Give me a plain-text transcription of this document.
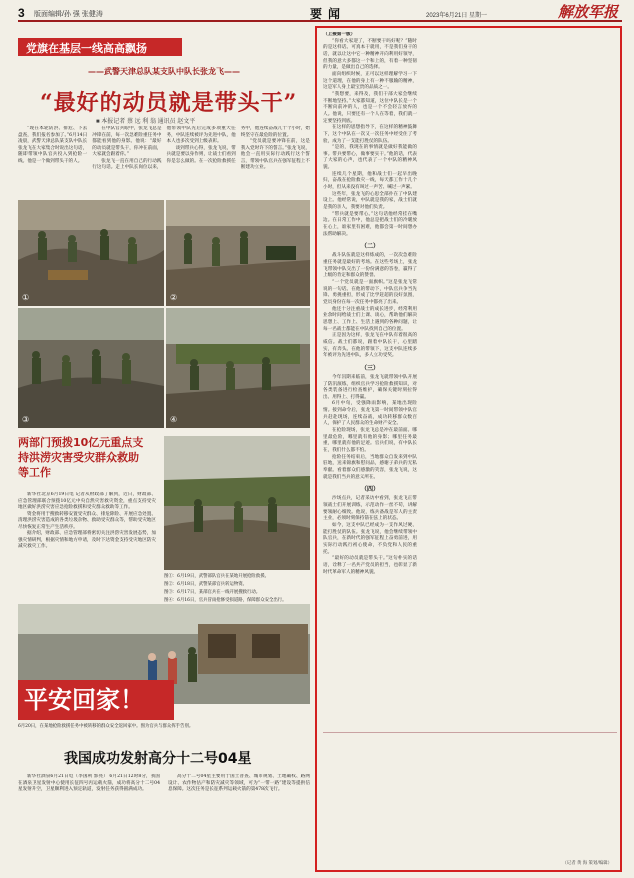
3 版面编辑/孙 强 张健涛	要闻	2023年6月21日 星期一	解放军报
党旗在基层一线高高飘扬
——武警天津总队某支队中队长张龙飞——
“最好的动员就是带头干”
■ 本报记者 蔡 远 利 翁 通讯员 赵文平

“现在本轮防洪、排危、下去盘查，我们报名参加了。”6月14日凌晨，武警天津总队某支队中队长张龙飞在大家集合时说出这句话，随即带领中队官兵投入到抢险一线。他是一个做到带头干的人。

在中队官兵眼中，张龙飞总是冲锋在前，每一次急难险重任务中都能看到他的身影。他说：“最好的动员就是带头干，你冲在前面，大家就会跟着你。”

张龙飞一直在用自己的行动践行这句话。走上中队长岗位以来，他带领中队先后完成多项重大任务，中队连续被评为先进中队，他本人也多次受到上级表彰。

谈到带兵心得，张龙飞说，带兵就是要以身作则，让战士们看到你是怎么做的。在一次抢险救援任务中，他连续奋战几十个小时，始终坚守在最危险的位置。

“党员就是要冲锋在前，这是我入党时许下的誓言。”张龙飞说，他会一直用实际行动践行这个誓言，带领中队官兵在强军征程上不断建功立业。

①	②
③	④
两部门预拨10亿元重点支持洪涝灾害受灾群众救助等工作

新华社北京6月19日电 记者从财政部了解到，近日，财政部、应急管理部联合预拨10亿元中央自然灾害救灾资金，重点支持受灾地区做好洪涝灾害应急抢险救援和受灾群众救助等工作。

资金将用于搜救转移安置受灾群众、排危除险、开展应急处置、清理洪涝灾害造成的各类垃圾杂物、救助受灾群众等，帮助受灾地区尽快恢复正常生产生活秩序。

据介绍，财政部、应急管理部将密切关注洪涝灾害发展态势，加强灾情研判，根据灾情和地方申请，及时下达资金支持受灾地区防灾减灾救灾工作。

图①：6月19日，武警部队官兵在某地开展抢险救援。

图②：6月18日，武警某部官兵转运物资。

图③：6月17日，某部官兵在一线开展搜救行动。

图④：6月16日，官兵冒雨抢修受损道路，保障群众安全出行。

平安回家！

6月20日，在某地抢险救援任务中被转移的群众安全返回家中。图为官兵与群众挥手告别。

我国成功发射高分十二号04星

新华社酒泉6月21日电（李国利 郭亮） 6月21日12时8分，我国在酒泉卫星发射中心使用长征四号丙运载火箭，成功将高分十二号04星发射升空，卫星顺利进入预定轨道，发射任务获得圆满成功。

高分十二号04星主要用于国土普查、城市规划、土地确权、路网设计、农作物估产和防灾减灾等领域，可为“一带一路”建设等提供信息保障。这次任务是长征系列运载火箭的第478次飞行。

（上接第一版）

“你看大家迎了，不断要干吗好呢？”随时的是这样话。可真本干就用，不是我们身干的话，就以让这中它一种精神开向利用好领导，但我的意大多都这一个和上的，有着一种坚韧的力量，是做出自己的选择。

面向组织时候，正可以这样理解学习一下这个道理，在他的身上有一种不服输的精神，这是军人身上最宝贵的品质之一。

“我想要，来得及，我们干部大家会继续不断地坚持。”大家都知道，这位中队长是一个不断向前冲的人，也是一个不会轻言放弃的人。他说，只要还有一个人在等着，我们就一定要坚持到底。

在这样的思想指导下，在这样的精神鼓舞下，这个中队在一次又一次任务中经受住了考验，成为了一支能打胜仗的队伍。

“是的，我现在的事情就是做好我能做的事。带兵要带心，做事要实干。”他的话，代表了大家的心声，也代表了一个中队的精神风貌。

连续几个星期，他和战士们一起早出晚归，奋战在抢险救灾一线，每天都工作十几个小时，但从来没有叫过一声苦、喊过一声累。

这些年，张龙飞的心思全部扑在了中队建设上。他经常说，中队就是我的家，战士们就是我的亲人，我要对他们负责。

“带兵就是要带心。”这句话他经常挂在嘴边。在日常工作中，他总是把战士们的冷暖放在心上，谁家里有困难，他都会第一时间想办法帮助解决。

（二）

战斗队伍就是这样炼成的，一次次急难险重任务就是最好的考场。在这些考场上，张龙飞带领中队交出了一份份满意的答卷，赢得了上级的肯定和群众的赞誉。

“一个党员就是一面旗帜。”这是张龙飞常说的一句话。在他的带动下，中队官兵争当先锋、勇挑重担，形成了比学赶超的良好氛围，党员身份在每一次任务中都亮了出来。

他还十分注重战士的成长进步，经常利用业余时间给战士们上课、谈心，帮助他们解决思想上、工作上、生活上遇到的各种问题，让每一名战士都能在中队找到自己的位置。

正是因为这样，张龙飞在中队有着很高的威信。战士们都说，跟着中队长干，心里踏实，有奔头。在他的带领下，这支中队连续多年被评为先进中队，多人立功受奖。

（三）

今年汛期来临前，张龙飞就带领中队开展了防汛演练，组织官兵学习抢险救援知识，对各类装备进行检查维护，确保关键时刻拉得出、用得上、打得赢。

6月中旬，受强降雨影响，某地出现险情。接到命令后，张龙飞第一时间带领中队官兵赶赴现场，连续奋战，成功转移群众数百人，保护了人民群众的生命财产安全。

在抢险现场，张龙飞总是冲在最前面。哪里最危险，哪里就有他的身影；哪里任务最重，哪里就有他的足迹。官兵们说，有中队长在，我们什么都不怕。

抢险任务结束后，当地群众自发来到中队驻地，送来锦旗和慰问品，感谢子弟兵的无私奉献。看着群众们感激的笑容，张龙飞说，这就是我们当兵的意义所在。

（四）

沙场点兵，记者采访中看到，张龙飞正带领战士们开展训练，示范动作一丝不苟，讲解要领耐心细致。他说，练兵备战是军人的主责主业，必须时刻保持箭在弦上的状态。

如今，这支中队已经成为一支作风过硬、能打胜仗的队伍。张龙飞说，他会继续带领中队官兵，在新时代的强军征程上奋勇前进，用实际行动践行初心使命，不负党和人民的重托。

“最好的动员就是带头干。”这句朴实的话语，诠释了一名共产党员的担当，也彰显了新时代革命军人的精神风貌。

（记者 黄 海 策划/编辑）
